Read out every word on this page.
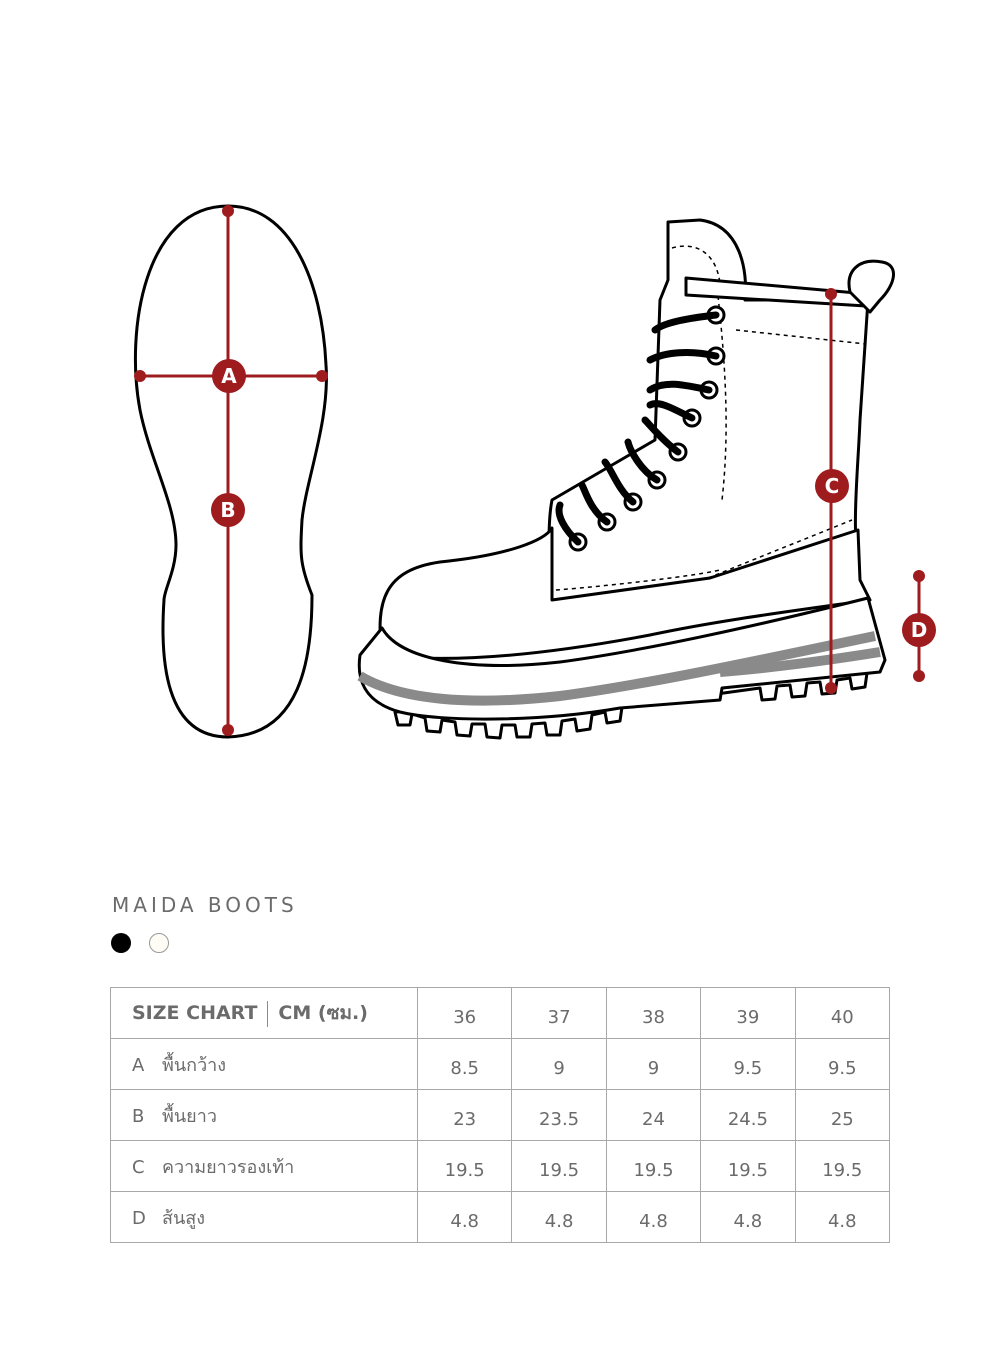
A
B
C
D
MAIDA BOOTS
SIZE CHART CM (ซม.)	36	37	38	39	40
A พื้นกว้าง	8.5	9	9	9.5	9.5
B พื้นยาว	23	23.5	24	24.5	25
C ความยาวรองเท้า	19.5	19.5	19.5	19.5	19.5
D ส้นสูง	4.8	4.8	4.8	4.8	4.8
